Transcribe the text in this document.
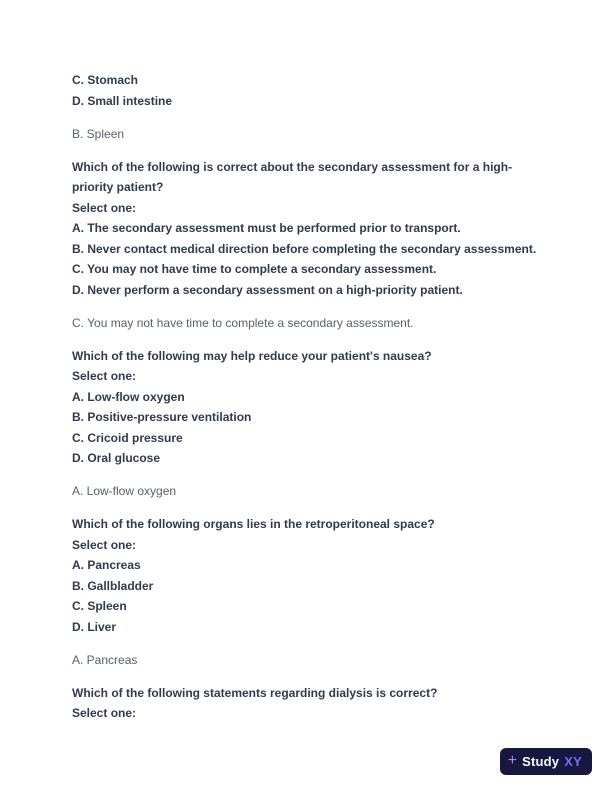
C. Stomach

D. Small intestine

B. Spleen

Which of the following is correct about the secondary assessment for a high-priority patient?

Select one:

A. The secondary assessment must be performed prior to transport.

B. Never contact medical direction before completing the secondary assessment.

C. You may not have time to complete a secondary assessment.

D. Never perform a secondary assessment on a high-priority patient.

C. You may not have time to complete a secondary assessment.

Which of the following may help reduce your patient's nausea?

Select one:

A. Low-flow oxygen

B. Positive-pressure ventilation

C. Cricoid pressure

D. Oral glucose

A. Low-flow oxygen

Which of the following organs lies in the retroperitoneal space?

Select one:

A. Pancreas

B. Gallbladder

C. Spleen

D. Liver

A. Pancreas

Which of the following statements regarding dialysis is correct?

Select one:

+ Study XY
